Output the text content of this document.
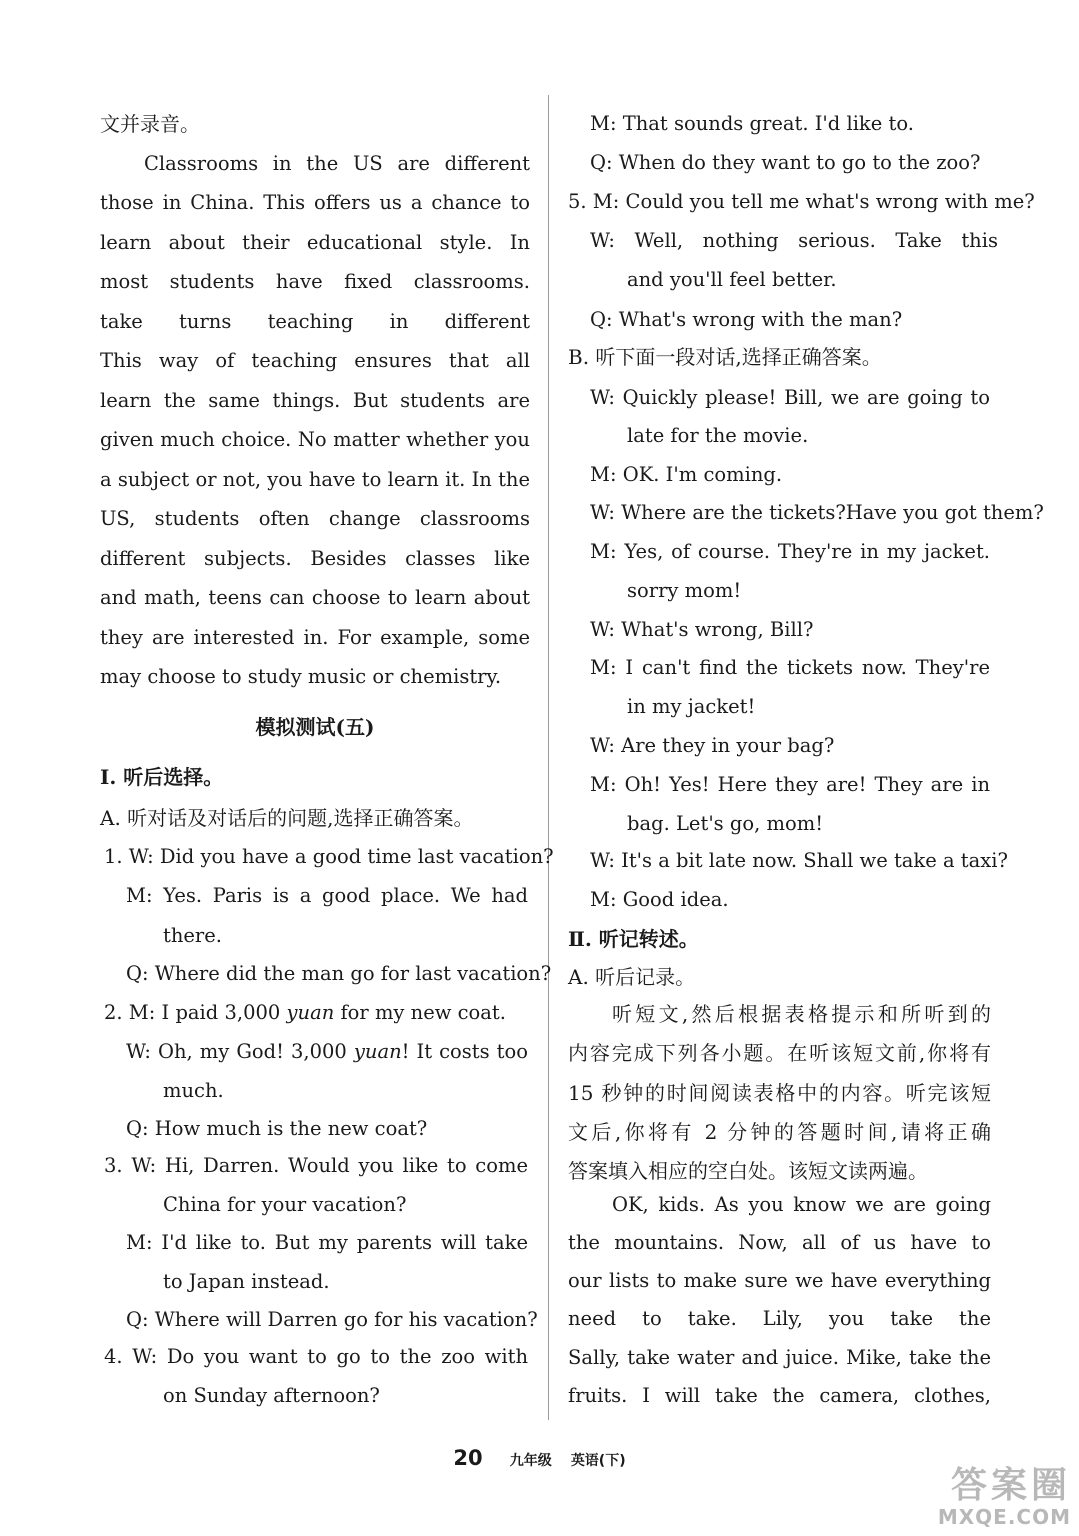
文并录音。
Classrooms in the US are different
those in China. This offers us a chance to
learn about their educational style. In
most students have fixed classrooms.
take turns teaching in different
This way of teaching ensures that all
learn the same things. But students are
given much choice. No matter whether you
a subject or not, you have to learn it. In the
US, students often change classrooms
different subjects. Besides classes like
and math, teens can choose to learn about
they are interested in. For example, some
may choose to study music or chemistry.
模拟测试(五)
Ⅰ. 听后选择。
A. 听对话及对话后的问题,选择正确答案。
1. W: Did you have a good time last vacation?
M: Yes. Paris is a good place. We had
there.
Q: Where did the man go for last vacation?
2. M: I paid 3,000 yuan for my new coat.
W: Oh, my God! 3,000 yuan! It costs too
much.
Q: How much is the new coat?
3. W: Hi, Darren. Would you like to come
China for your vacation?
M: I'd like to. But my parents will take
to Japan instead.
Q: Where will Darren go for his vacation?
4. W: Do you want to go to the zoo with
on Sunday afternoon?
M: That sounds great. I'd like to.
Q: When do they want to go to the zoo?
5. M: Could you tell me what's wrong with me?
W: Well, nothing serious. Take this
and you'll feel better.
Q: What's wrong with the man?
B. 听下面一段对话,选择正确答案。
W: Quickly please! Bill, we are going to
late for the movie.
M: OK. I'm coming.
W: Where are the tickets?Have you got them?
M: Yes, of course. They're in my jacket.
sorry mom!
W: What's wrong, Bill?
M: I can't find the tickets now. They're
in my jacket!
W: Are they in your bag?
M: Oh! Yes! Here they are! They are in
bag. Let's go, mom!
W: It's a bit late now. Shall we take a taxi?
M: Good idea.
Ⅱ. 听记转述。
A. 听后记录。
听短文,然后根据表格提示和所听到的
内容完成下列各小题。在听该短文前,你将有
15 秒钟的时间阅读表格中的内容。听完该短
文后,你将有 2 分钟的答题时间,请将正确
答案填入相应的空白处。该短文读两遍。
OK, kids. As you know we are going
the mountains. Now, all of us have to
our lists to make sure we have everything
need to take. Lily, you take the
Sally, take water and juice. Mike, take the
fruits. I will take the camera, clothes,
20 九年级 英语(下)
答案圈
MXQE.COM
